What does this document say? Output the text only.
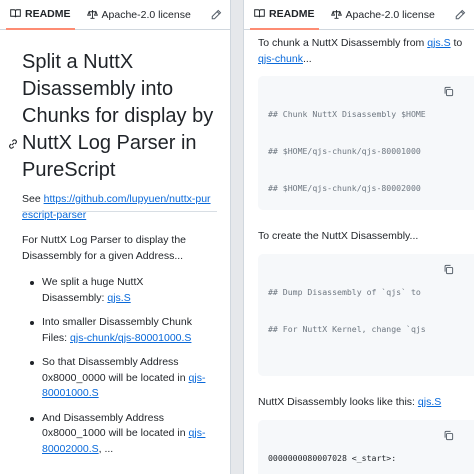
README	Apache-2.0 license
Split a NuttX Disassembly into Chunks for display by NuttX Log Parser in PureScript

See https://github.com/lupyuen/nuttx-purescript-parser

For NuttX Log Parser to display the Disassembly for a given Address...

We split a huge NuttX Disassembly: qjs.S
Into smaller Disassembly Chunk Files: qjs-chunk/qjs-80001000.S
So that Disassembly Address 0x8000_0000 will be located in qjs-80001000.S
And Disassembly Address 0x8000_1000 will be located in qjs-80002000.S, ...
README	Apache-2.0 license

To chunk a NuttX Disassembly from qjs.S to qjs-chunk...

## Chunk NuttX Disassembly $HOME

## $HOME/qjs-chunk/qjs-80001000

## $HOME/qjs-chunk/qjs-80002000

To create the NuttX Disassembly...

## Dump Disassembly of `qjs` to

## For NuttX Kernel, change `qjs

NuttX Disassembly looks like this: qjs.S

0000000080007028 <_start>:
